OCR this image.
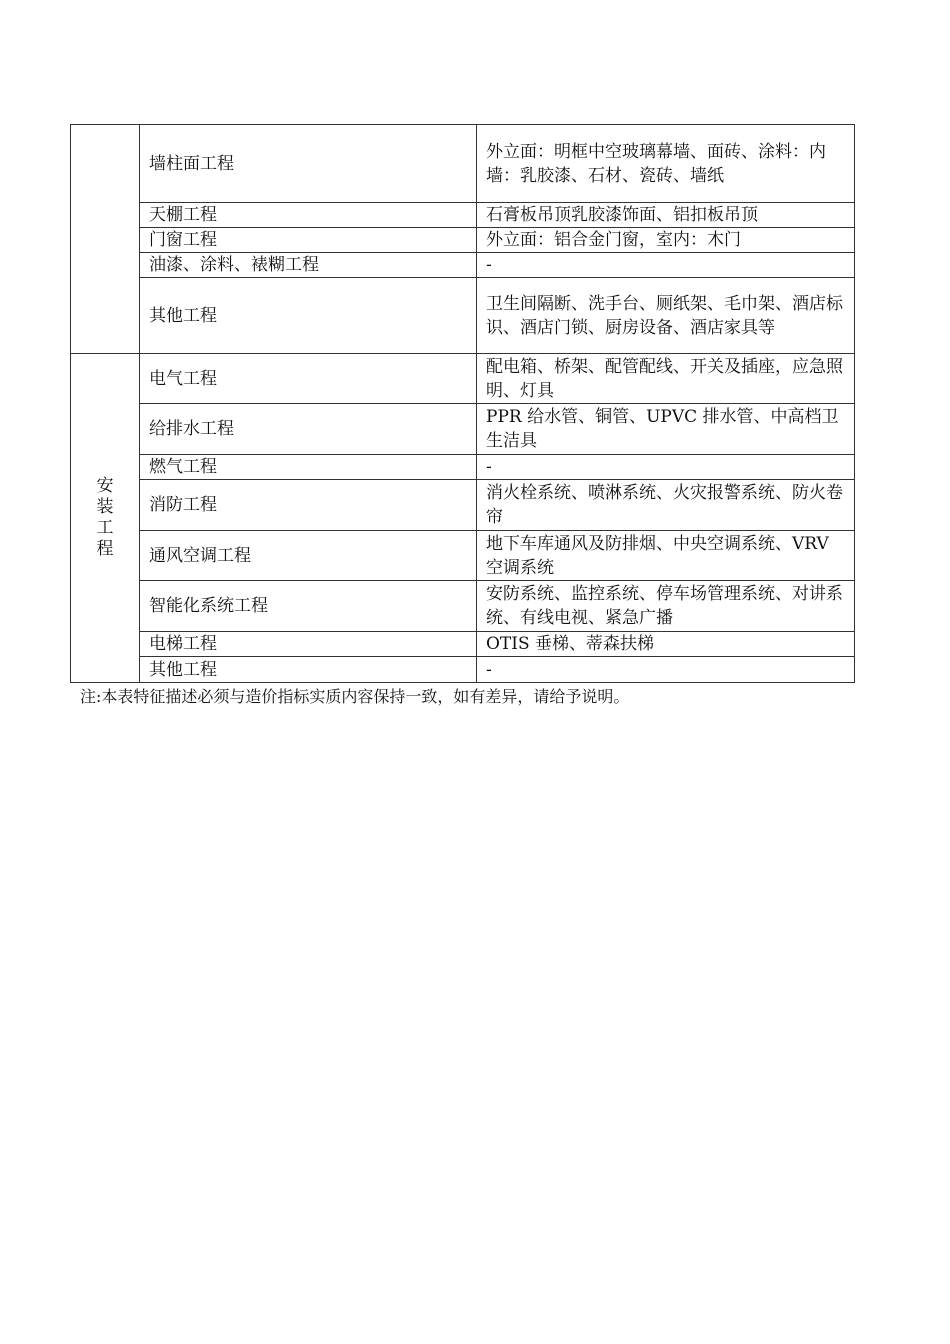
	墙柱面工程	外立面：明框中空玻璃幕墙、面砖、涂料：内墙：乳胶漆、石材、瓷砖、墙纸
	天棚工程	石膏板吊顶乳胶漆饰面、铝扣板吊顶
	门窗工程	外立面：铝合金门窗，室内：木门
	油漆、涂料、裱糊工程	-
	其他工程	卫生间隔断、洗手台、厕纸架、毛巾架、酒店标识、酒店门锁、厨房设备、酒店家具等
安装工程	电气工程	配电箱、桥架、配管配线、开关及插座，应急照明、灯具
	给排水工程	PPR 给水管、铜管、UPVC 排水管、中高档卫生洁具
	燃气工程	-
	消防工程	消火栓系统、喷淋系统、火灾报警系统、防火卷帘
	通风空调工程	地下车库通风及防排烟、中央空调系统、VRV 空调系统
	智能化系统工程	安防系统、监控系统、停车场管理系统、对讲系统、有线电视、紧急广播
	电梯工程	OTIS 垂梯、蒂森扶梯
	其他工程	-
注:本表特征描述必须与造价指标实质内容保持一致，如有差异，请给予说明。
